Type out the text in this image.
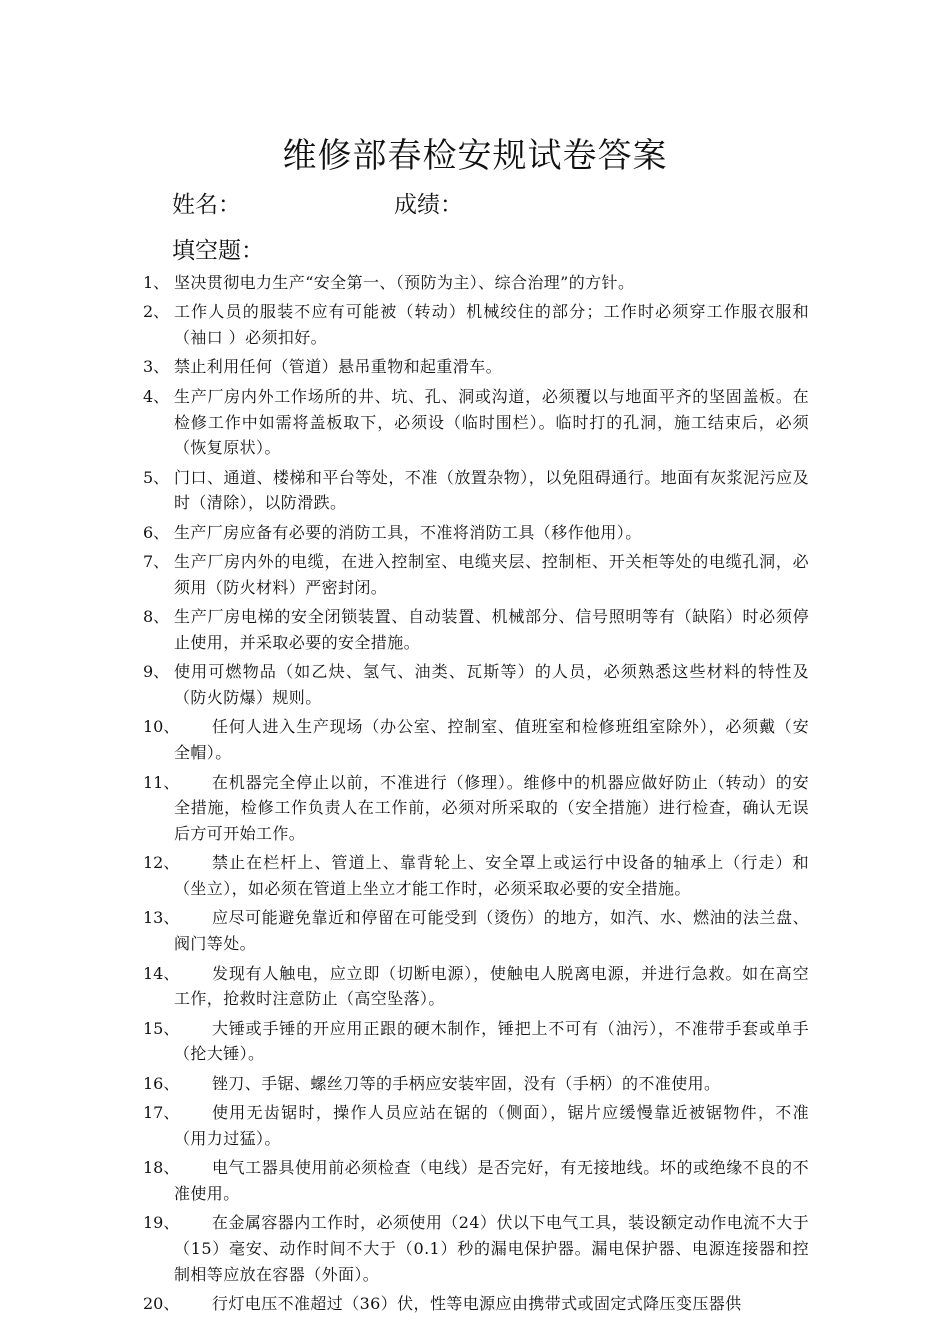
维修部春检安规试卷答案
姓名：	成绩：
填空题：
1、 坚决贯彻电力生产“安全第一、（预防为主）、综合治理”的方针。
2、 工作人员的服装不应有可能被（转动）机械绞住的部分；工作时必须穿工作服衣服和（袖口 ）必须扣好。
3、 禁止利用任何（管道）悬吊重物和起重滑车。
4、 生产厂房内外工作场所的井、坑、孔、洞或沟道，必须覆以与地面平齐的坚固盖板。在检修工作中如需将盖板取下，必须设（临时围栏）。临时打的孔洞，施工结束后，必须（恢复原状）。
5、 门口、通道、楼梯和平台等处，不准（放置杂物），以免阻碍通行。地面有灰浆泥污应及时（清除），以防滑跌。
6、 生产厂房应备有必要的消防工具，不准将消防工具（移作他用）。
7、 生产厂房内外的电缆，在进入控制室、电缆夹层、控制柜、开关柜等处的电缆孔洞，必须用（防火材料）严密封闭。
8、 生产厂房电梯的安全闭锁装置、自动装置、机械部分、信号照明等有（缺陷）时必须停止使用，并采取必要的安全措施。
9、 使用可燃物品（如乙炔、氢气、油类、瓦斯等）的人员，必须熟悉这些材料的特性及（防火防爆）规则。
10、	任何人进入生产现场（办公室、控制室、值班室和检修班组室除外），必须戴（安全帽）。
11、	在机器完全停止以前，不准进行（修理）。维修中的机器应做好防止（转动）的安全措施，检修工作负责人在工作前，必须对所采取的（安全措施）进行检查，确认无误后方可开始工作。
12、	禁止在栏杆上、管道上、靠背轮上、安全罩上或运行中设备的轴承上（行走）和（坐立），如必须在管道上坐立才能工作时，必须采取必要的安全措施。
13、	应尽可能避免靠近和停留在可能受到（烫伤）的地方，如汽、水、燃油的法兰盘、阀门等处。
14、	发现有人触电，应立即（切断电源），使触电人脱离电源，并进行急救。如在高空工作，抢救时注意防止（高空坠落）。
15、	大锤或手锤的开应用正跟的硬木制作，锤把上不可有（油污），不准带手套或单手（抡大锤）。
16、	锉刀、手锯、螺丝刀等的手柄应安装牢固，没有（手柄）的不准使用。
17、	使用无齿锯时，操作人员应站在锯的（侧面），锯片应缓慢靠近被锯物件，不准（用力过猛）。
18、	电气工器具使用前必须检查（电线）是否完好，有无接地线。坏的或绝缘不良的不准使用。
19、	在金属容器内工作时，必须使用（24）伏以下电气工具，装设额定动作电流不大于（15）毫安、动作时间不大于（0.1）秒的漏电保护器。漏电保护器、电源连接器和控制相等应放在容器（外面）。
20、	行灯电压不准超过（36）伏，性等电源应由携带式或固定式降压变压器供
